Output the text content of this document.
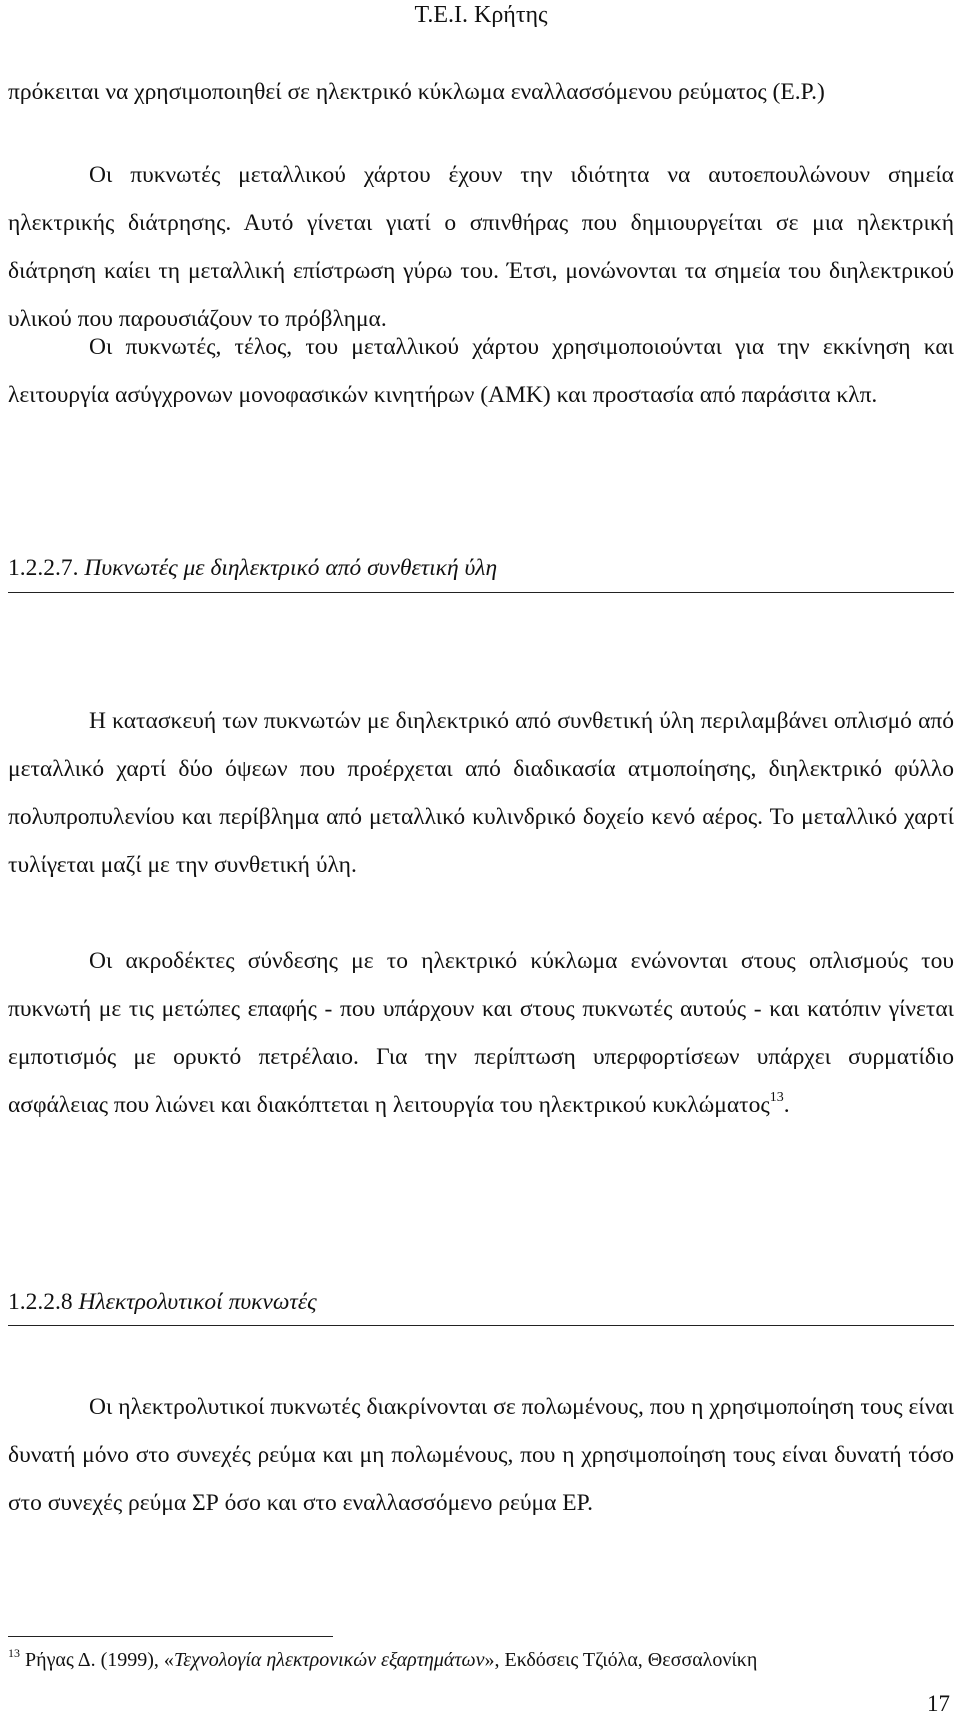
Τ.Ε.Ι. Κρήτης
πρόκειται να χρησιμοποιηθεί σε ηλεκτρικό κύκλωμα εναλλασσόμενου ρεύματος (Ε.Ρ.)
Οι πυκνωτές μεταλλικού χάρτου έχουν την ιδιότητα να αυτοεπουλώνουν σημεία ηλεκτρικής διάτρησης. Αυτό γίνεται γιατί ο σπινθήρας που δημιουργείται σε μια ηλεκτρική διάτρηση καίει τη μεταλλική επίστρωση γύρω του. Έτσι, μονώνονται τα σημεία του διηλεκτρικού υλικού που παρουσιάζουν το πρόβλημα.
Οι πυκνωτές, τέλος, του μεταλλικού χάρτου χρησιμοποιούνται για την εκκίνηση και λειτουργία ασύγχρονων μονοφασικών κινητήρων (ΑΜΚ) και προστασία από παράσιτα κλπ.
1.2.2.7. Πυκνωτές με διηλεκτρικό από συνθετική ύλη
Η κατασκευή των πυκνωτών με διηλεκτρικό από συνθετική ύλη περιλαμβάνει οπλισμό από μεταλλικό χαρτί δύο όψεων που προέρχεται από διαδικασία ατμοποίησης, διηλεκτρικό φύλλο πολυπροπυλενίου και περίβλημα από μεταλλικό κυλινδρικό δοχείο κενό αέρος. Το μεταλλικό χαρτί τυλίγεται μαζί με την συνθετική ύλη.
Οι ακροδέκτες σύνδεσης με το ηλεκτρικό κύκλωμα ενώνονται στους οπλισμούς του πυκνωτή με τις μετώπες επαφής - που υπάρχουν και στους πυκνωτές αυτούς - και κατόπιν γίνεται εμποτισμός με ορυκτό πετρέλαιο. Για την περίπτωση υπερφορτίσεων υπάρχει συρματίδιο ασφάλειας που λιώνει και διακόπτεται η λειτουργία του ηλεκτρικού κυκλώματος$^{13}$.
1.2.2.8 Ηλεκτρολυτικοί πυκνωτές
Οι ηλεκτρολυτικοί πυκνωτές διακρίνονται σε πολωμένους, που η χρησιμοποίηση τους είναι δυνατή μόνο στο συνεχές ρεύμα και μη πολωμένους, που η χρησιμοποίηση τους είναι δυνατή τόσο στο συνεχές ρεύμα ΣΡ όσο και στο εναλλασσόμενο ρεύμα ΕΡ.
$^{13}$ Ρήγας Δ. (1999), «Τεχνολογία ηλεκτρονικών εξαρτημάτων», Εκδόσεις Τζιόλα, Θεσσαλονίκη
17
